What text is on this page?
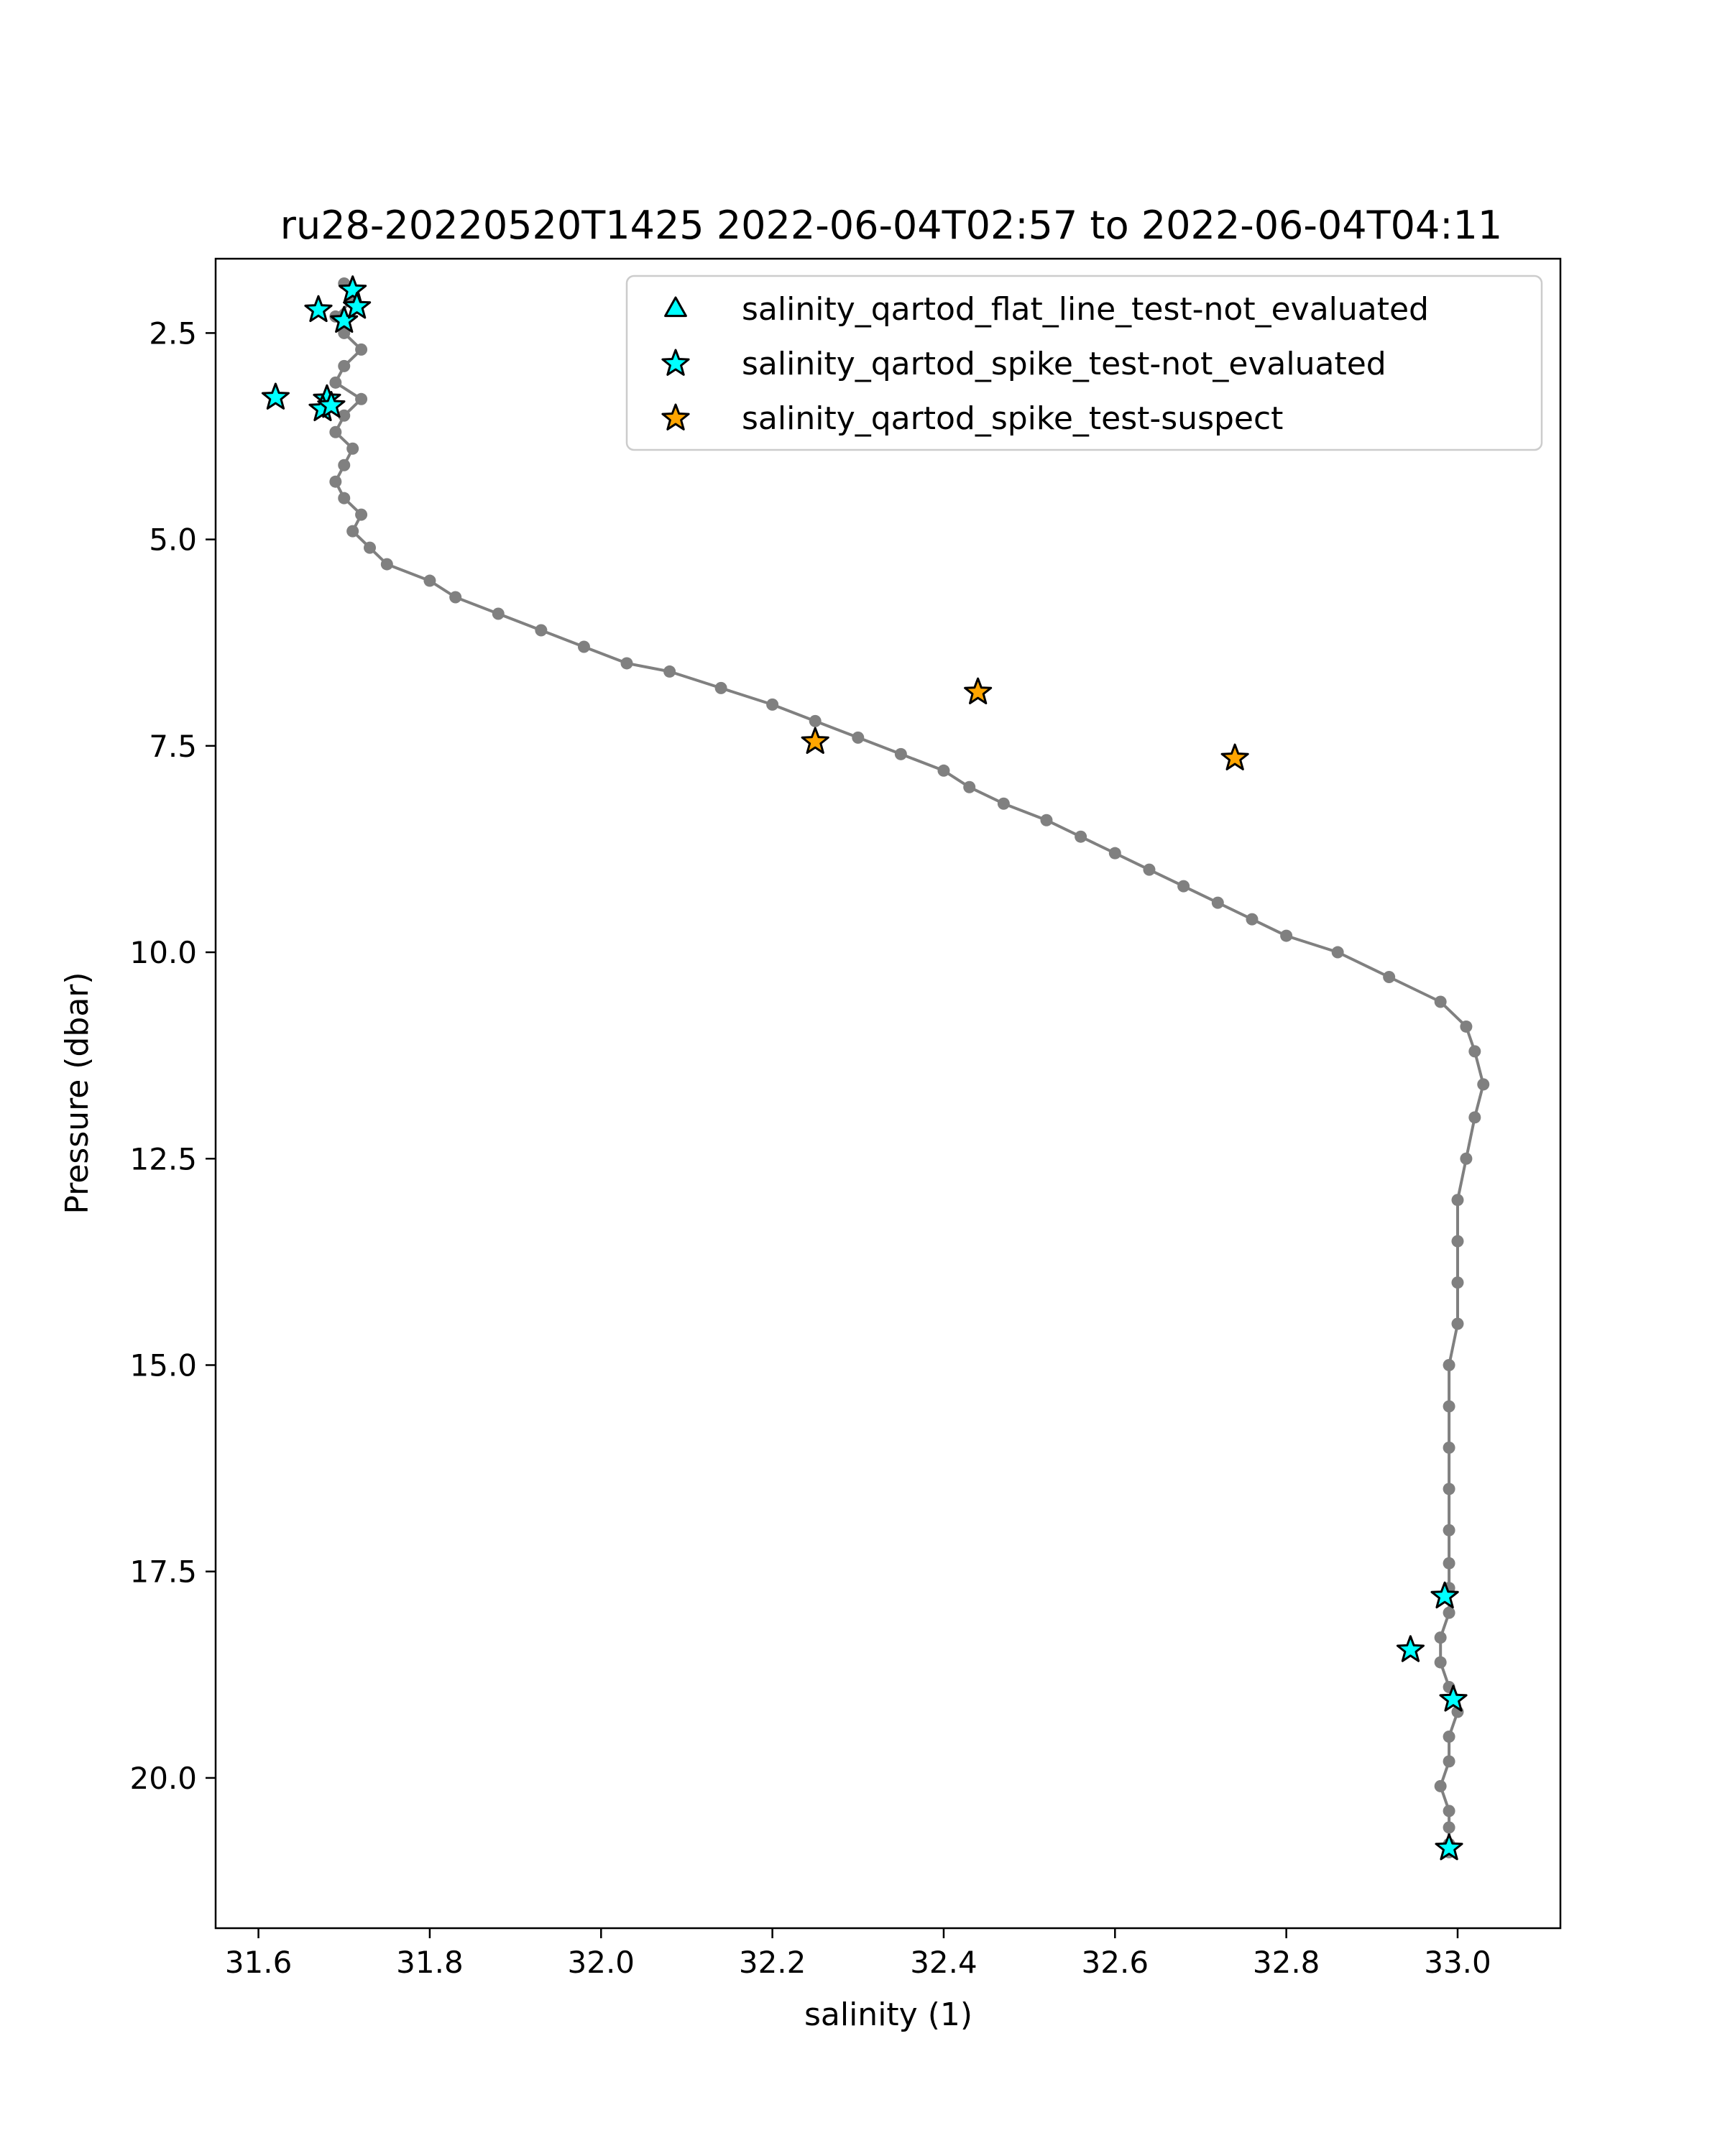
ru28-20220520T1425 2022-06-04T02:57 to 2022-06-04T04:11
31.6	31.8	32.0	32.2	32.4	32.6	32.8	33.0
2.5
5.0
7.5
10.0
12.5
15.0
17.5
20.0
salinity (1)
Pressure (dbar)
salinity_qartod_flat_line_test-not_evaluated
salinity_qartod_spike_test-not_evaluated
salinity_qartod_spike_test-suspect
